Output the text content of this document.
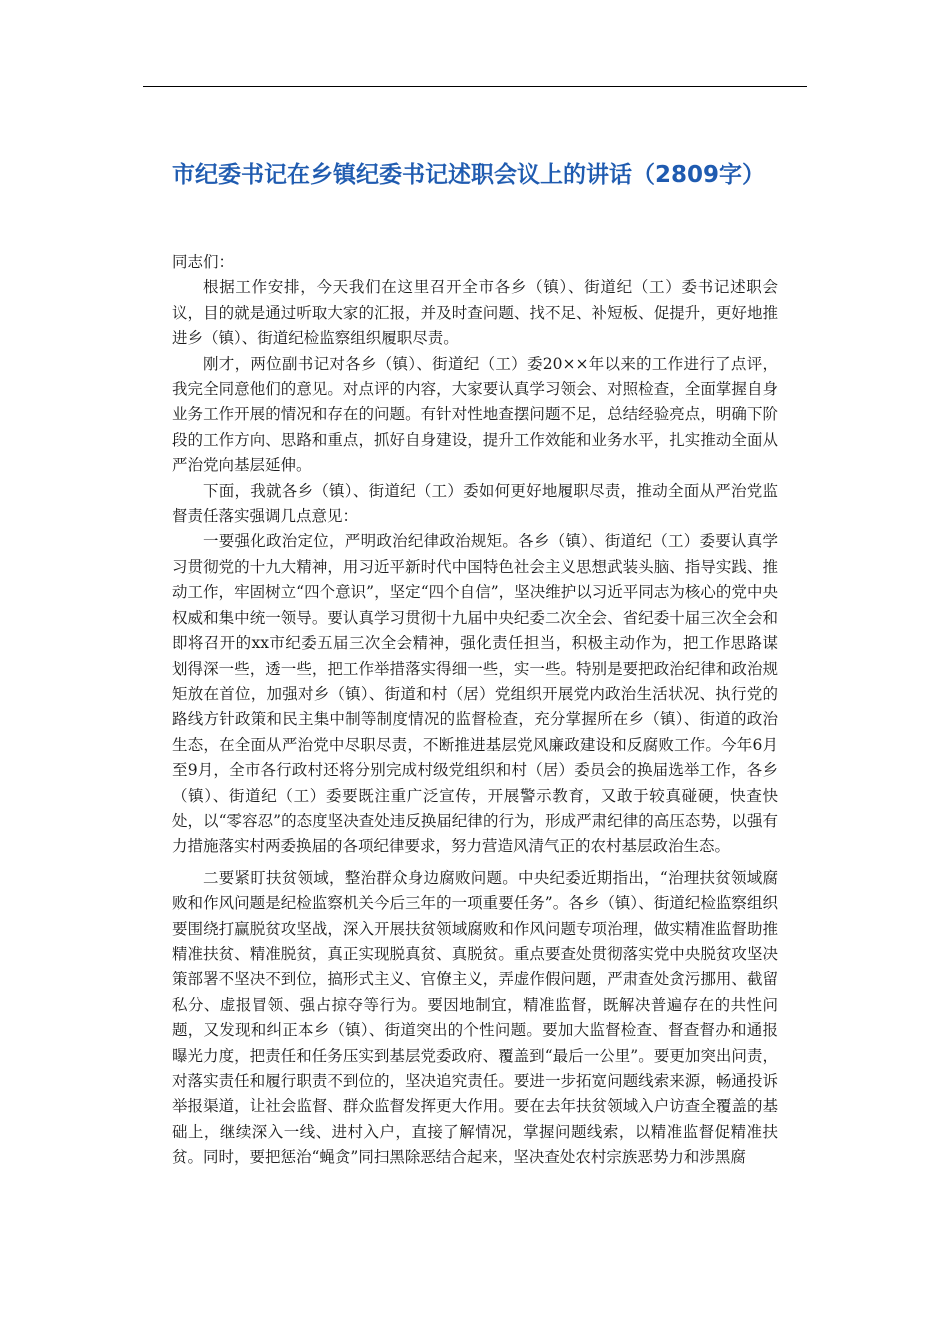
市纪委书记在乡镇纪委书记述职会议上的讲话（2809字）

同志们：

根据工作安排，今天我们在这里召开全市各乡（镇）、街道纪（工）委书记述职会议，目的就是通过听取大家的汇报，并及时查问题、找不足、补短板、促提升，更好地推进乡（镇）、街道纪检监察组织履职尽责。

刚才，两位副书记对各乡（镇）、街道纪（工）委20××年以来的工作进行了点评，我完全同意他们的意见。对点评的内容，大家要认真学习领会、对照检查，全面掌握自身业务工作开展的情况和存在的问题。有针对性地查摆问题不足，总结经验亮点，明确下阶段的工作方向、思路和重点，抓好自身建设，提升工作效能和业务水平，扎实推动全面从严治党向基层延伸。

下面，我就各乡（镇）、街道纪（工）委如何更好地履职尽责，推动全面从严治党监督责任落实强调几点意见：

一要强化政治定位，严明政治纪律政治规矩。各乡（镇）、街道纪（工）委要认真学习贯彻党的十九大精神，用习近平新时代中国特色社会主义思想武装头脑、指导实践、推动工作，牢固树立“四个意识”，坚定“四个自信”，坚决维护以习近平同志为核心的党中央权威和集中统一领导。要认真学习贯彻十九届中央纪委二次全会、省纪委十届三次全会和即将召开的xx市纪委五届三次全会精神，强化责任担当，积极主动作为，把工作思路谋划得深一些，透一些，把工作举措落实得细一些，实一些。特别是要把政治纪律和政治规矩放在首位，加强对乡（镇）、街道和村（居）党组织开展党内政治生活状况、执行党的路线方针政策和民主集中制等制度情况的监督检查，充分掌握所在乡（镇）、街道的政治生态，在全面从严治党中尽职尽责，不断推进基层党风廉政建设和反腐败工作。今年6月至9月，全市各行政村还将分别完成村级党组织和村（居）委员会的换届选举工作，各乡（镇）、街道纪（工）委要既注重广泛宣传，开展警示教育，又敢于较真碰硬，快查快处，以“零容忍”的态度坚决查处违反换届纪律的行为，形成严肃纪律的高压态势，以强有力措施落实村两委换届的各项纪律要求，努力营造风清气正的农村基层政治生态。

二要紧盯扶贫领域，整治群众身边腐败问题。中央纪委近期指出，“治理扶贫领域腐败和作风问题是纪检监察机关今后三年的一项重要任务”。各乡（镇）、街道纪检监察组织要围绕打赢脱贫攻坚战，深入开展扶贫领域腐败和作风问题专项治理，做实精准监督助推精准扶贫、精准脱贫，真正实现脱真贫、真脱贫。重点要查处贯彻落实党中央脱贫攻坚决策部署不坚决不到位，搞形式主义、官僚主义，弄虚作假问题，严肃查处贪污挪用、截留私分、虚报冒领、强占掠夺等行为。要因地制宜，精准监督，既解决普遍存在的共性问题，又发现和纠正本乡（镇）、街道突出的个性问题。要加大监督检查、督查督办和通报曝光力度，把责任和任务压实到基层党委政府、覆盖到“最后一公里”。要更加突出问责，对落实责任和履行职责不到位的，坚决追究责任。要进一步拓宽问题线索来源，畅通投诉举报渠道，让社会监督、群众监督发挥更大作用。要在去年扶贫领域入户访查全覆盖的基础上，继续深入一线、进村入户，直接了解情况，掌握问题线索，以精准监督促精准扶贫。同时，要把惩治“蝇贪”同扫黑除恶结合起来，坚决查处农村宗族恶势力和涉黑腐
